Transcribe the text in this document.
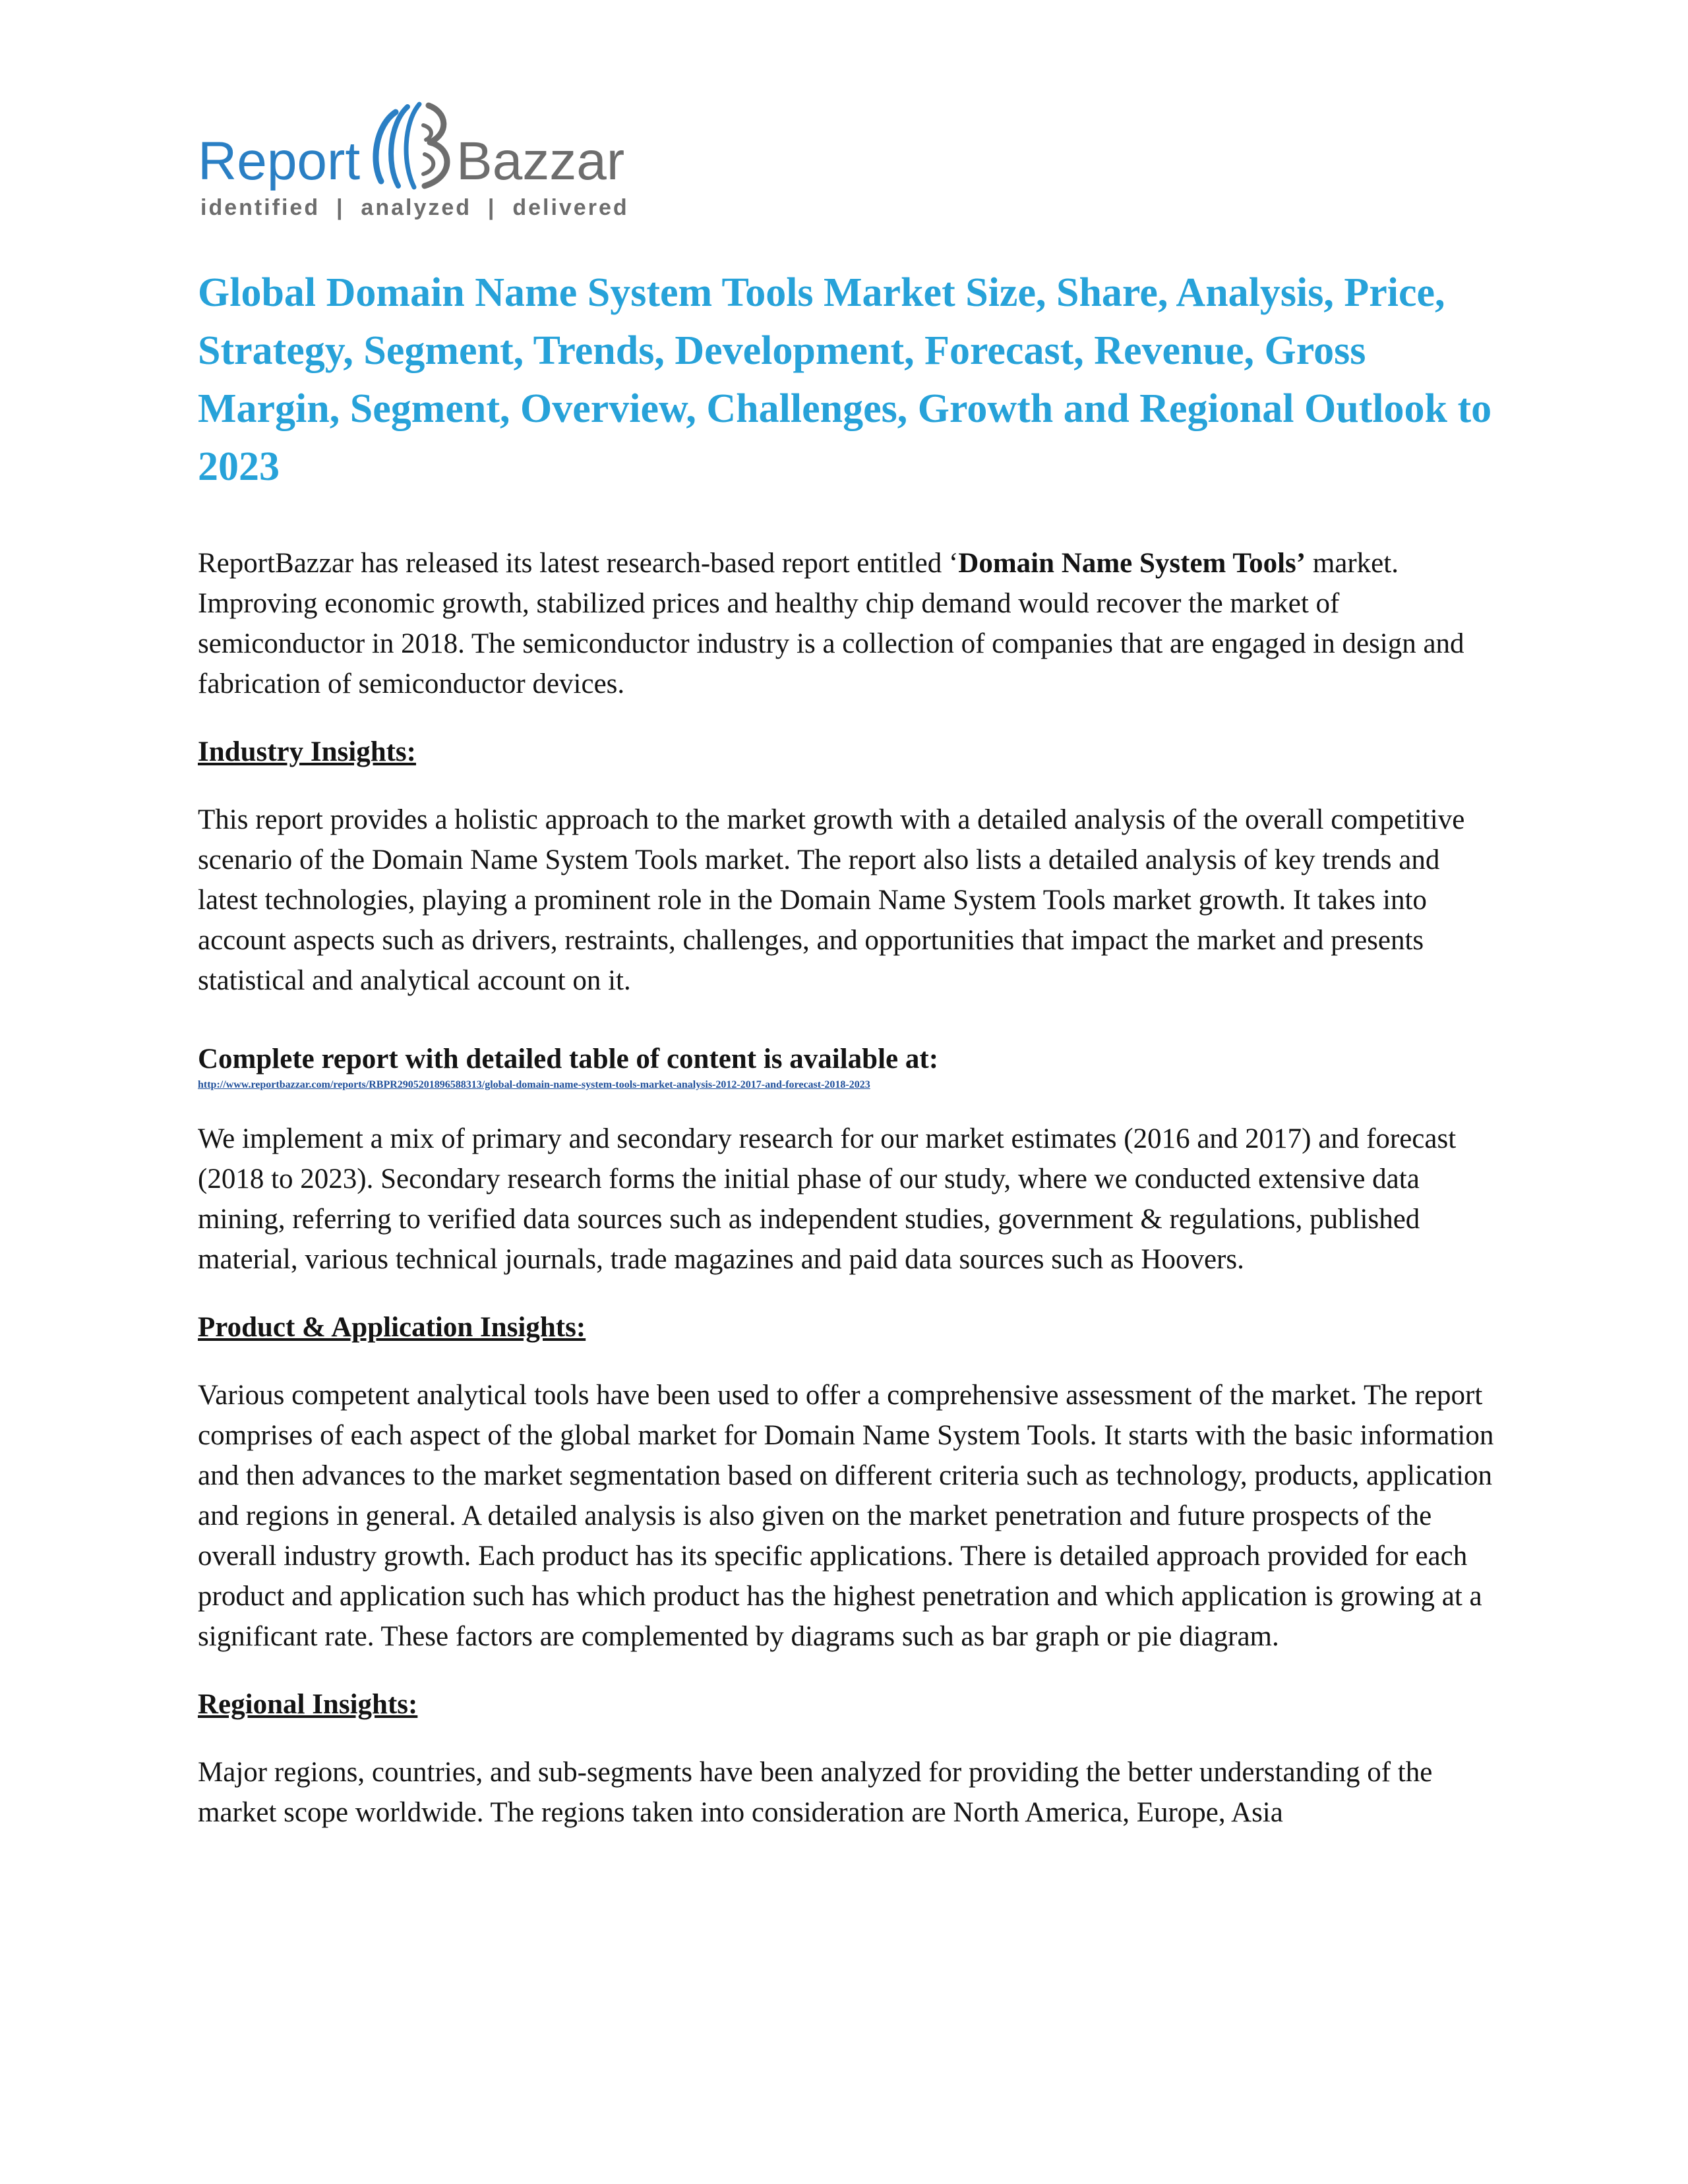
Report Bazzar
identified  |  analyzed  |  delivered
Global Domain Name System Tools Market Size, Share, Analysis, Price, Strategy, Segment, Trends, Development, Forecast, Revenue, Gross Margin, Segment, Overview, Challenges, Growth and Regional Outlook to 2023

ReportBazzar has released its latest research-based report entitled ‘Domain Name System Tools’ market. Improving economic growth, stabilized prices and healthy chip demand would recover the market of semiconductor in 2018. The semiconductor industry is a collection of companies that are engaged in design and fabrication of semiconductor devices.

Industry Insights:

This report provides a holistic approach to the market growth with a detailed analysis of the overall competitive scenario of the Domain Name System Tools market. The report also lists a detailed analysis of key trends and latest technologies, playing a prominent role in the Domain Name System Tools market growth. It takes into account aspects such as drivers, restraints, challenges, and opportunities that impact the market and presents statistical and analytical account on it.

Complete report with detailed table of content is available at:

http://www.reportbazzar.com/reports/RBPR2905201896588313/global-domain-name-system-tools-market-analysis-2012-2017-and-forecast-2018-2023

We implement a mix of primary and secondary research for our market estimates (2016 and 2017) and forecast (2018 to 2023). Secondary research forms the initial phase of our study, where we conducted extensive data mining, referring to verified data sources such as independent studies, government & regulations, published material, various technical journals, trade magazines and paid data sources such as Hoovers.

Product & Application Insights:

Various competent analytical tools have been used to offer a comprehensive assessment of the market. The report comprises of each aspect of the global market for Domain Name System Tools. It starts with the basic information and then advances to the market segmentation based on different criteria such as technology, products, application and regions in general. A detailed analysis is also given on the market penetration and future prospects of the overall industry growth. Each product has its specific applications. There is detailed approach provided for each product and application such has which product has the highest penetration and which application is growing at a significant rate. These factors are complemented by diagrams such as bar graph or pie diagram.

Regional Insights:

Major regions, countries, and sub-segments have been analyzed for providing the better understanding of the market scope worldwide. The regions taken into consideration are North America, Europe, Asia
